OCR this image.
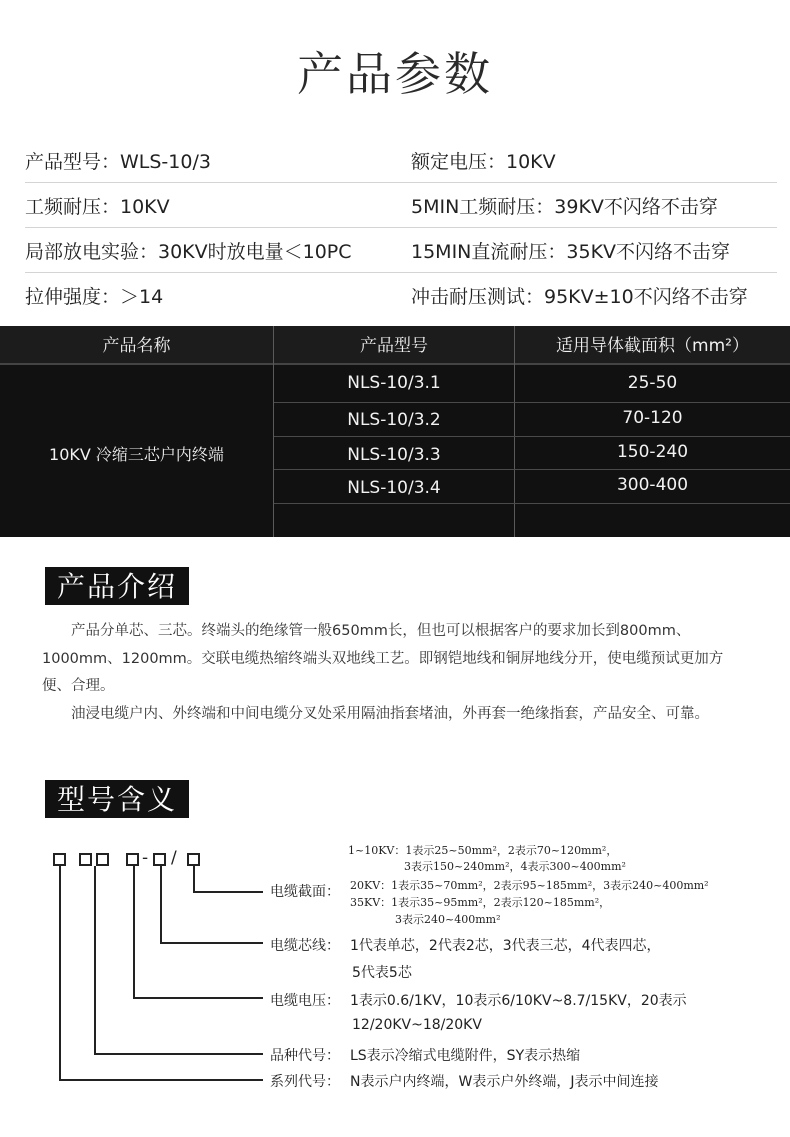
产品参数
产品型号：WLS-10/3	额定电压：10KV
工频耐压：10KV	5MIN工频耐压：39KV不闪络不击穿
局部放电实验：30KV时放电量＜10PC	15MIN直流耐压：35KV不闪络不击穿
拉伸强度：＞14	冲击耐压测试：95KV±10不闪络不击穿
产品名称	产品型号	适用导体截面积（mm²）
10KV 冷缩三芯户内终端
NLS-10/3.1	25-50
NLS-10/3.2	70-120
NLS-10/3.3	150-240
NLS-10/3.4	300-400
产品介绍

产品分单芯、三芯。终端头的绝缘管一般650mm长，但也可以根据客户的要求加长到800mm、1000mm、1200mm。交联电缆热缩终端头双地线工艺。即钢铠地线和铜屏地线分开，使电缆预试更加方便、合理。

油浸电缆户内、外终端和中间电缆分叉处采用隔油指套堵油，外再套一绝缘指套，产品安全、可靠。

型号含义
- /
电缆截面：
1~10KV：1表示25~50mm²，2表示70~120mm²，
3表示150~240mm²，4表示300~400mm²
20KV：1表示35~70mm²，2表示95~185mm²，3表示240~400mm²
35KV：1表示35~95mm²，2表示120~185mm²，
3表示240~400mm²
电缆芯线： 1代表单芯，2代表2芯，3代表三芯，4代表四芯，
5代表5芯
电缆电压： 1表示0.6/1KV，10表示6/10KV~8.7/15KV，20表示
12/20KV~18/20KV
品种代号： LS表示冷缩式电缆附件，SY表示热缩
系列代号： N表示户内终端，W表示户外终端，J表示中间连接
